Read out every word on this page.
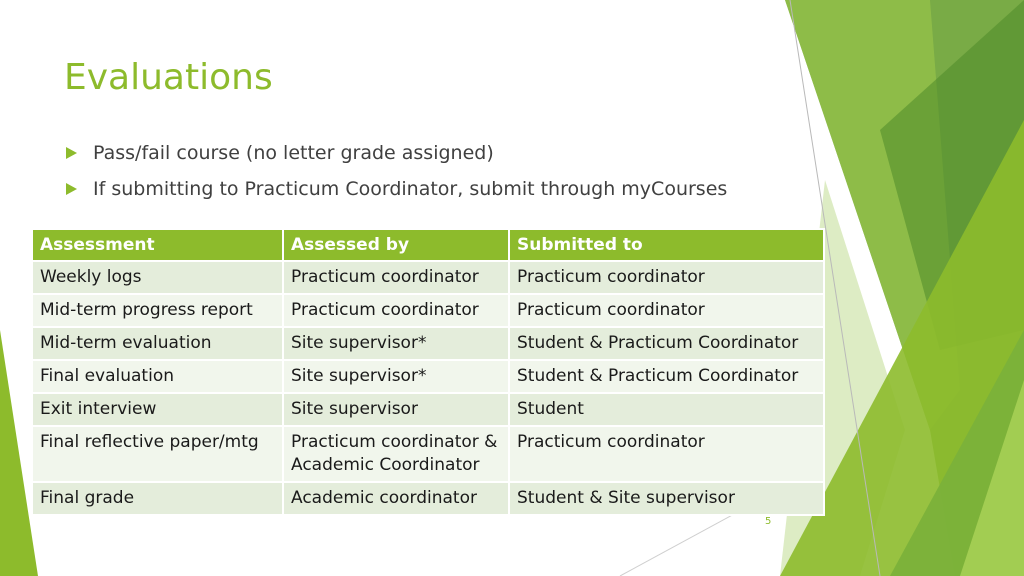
Evaluations
Pass/fail course (no letter grade assigned)
If submitting to Practicum Coordinator, submit through myCourses
Assessment	Assessed by	Submitted to
Weekly logs	Practicum coordinator	Practicum coordinator
Mid-term progress report	Practicum coordinator	Practicum coordinator
Mid-term evaluation	Site supervisor*	Student & Practicum Coordinator
Final evaluation	Site supervisor*	Student & Practicum Coordinator
Exit interview	Site supervisor	Student
Final reflective paper/mtg	Practicum coordinator & Academic Coordinator	Practicum coordinator
Final grade	Academic coordinator	Student & Site supervisor
5
